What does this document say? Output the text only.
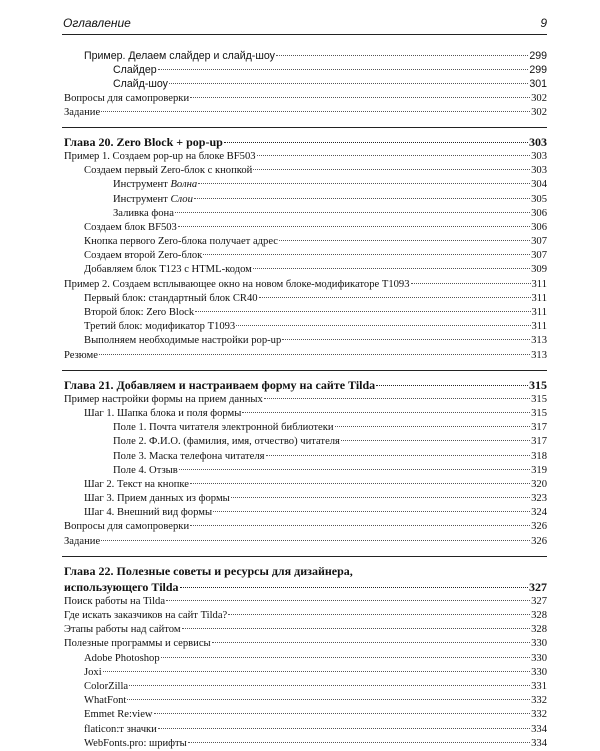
Оглавление	9
Пример. Делаем слайдер и слайд-шоу	299
Слайдер	299
Слайд-шоу	301
Вопросы для самопроверки	302
Задание	302
Глава 20. Zero Block + pop-up	303
Пример 1. Создаем pop-up на блоке BF503	303
Создаем первый Zero-блок с кнопкой	303
Инструмент Волна	304
Инструмент Слои	305
Заливка фона	306
Создаем блок BF503	306
Кнопка первого Zero-блока получает адрес	307
Создаем второй Zero-блок	307
Добавляем блок T123 с HTML-кодом	309
Пример 2. Создаем всплывающее окно на новом блоке-модификаторе T1093	311
Первый блок: стандартный блок CR40	311
Второй блок: Zero Block	311
Третий блок: модификатор T1093	311
Выполняем необходимые настройки pop-up	313
Резюме	313
Глава 21. Добавляем и настраиваем форму на сайте Tilda	315
Пример настройки формы на прием данных	315
Шаг 1. Шапка блока и поля формы	315
Поле 1. Почта читателя электронной библиотеки	317
Поле 2. Ф.И.О. (фамилия, имя, отчество) читателя	317
Поле 3. Маска телефона читателя	318
Поле 4. Отзыв	319
Шаг 2. Текст на кнопке	320
Шаг 3. Прием данных из формы	323
Шаг 4. Внешний вид формы	324
Вопросы для самопроверки	326
Задание	326
Глава 22. Полезные советы и ресурсы для дизайнера,
использующего Tilda	327
Поиск работы на Tilda	327
Где искать заказчиков на сайт Tilda?	328
Этапы работы над сайтом	328
Полезные программы и сервисы	330
Adobe Photoshop	330
Joxi	330
ColorZilla	331
WhatFont	332
Emmet Re:view	332
flaticon:т значки	334
WebFonts.pro: шрифты	334
